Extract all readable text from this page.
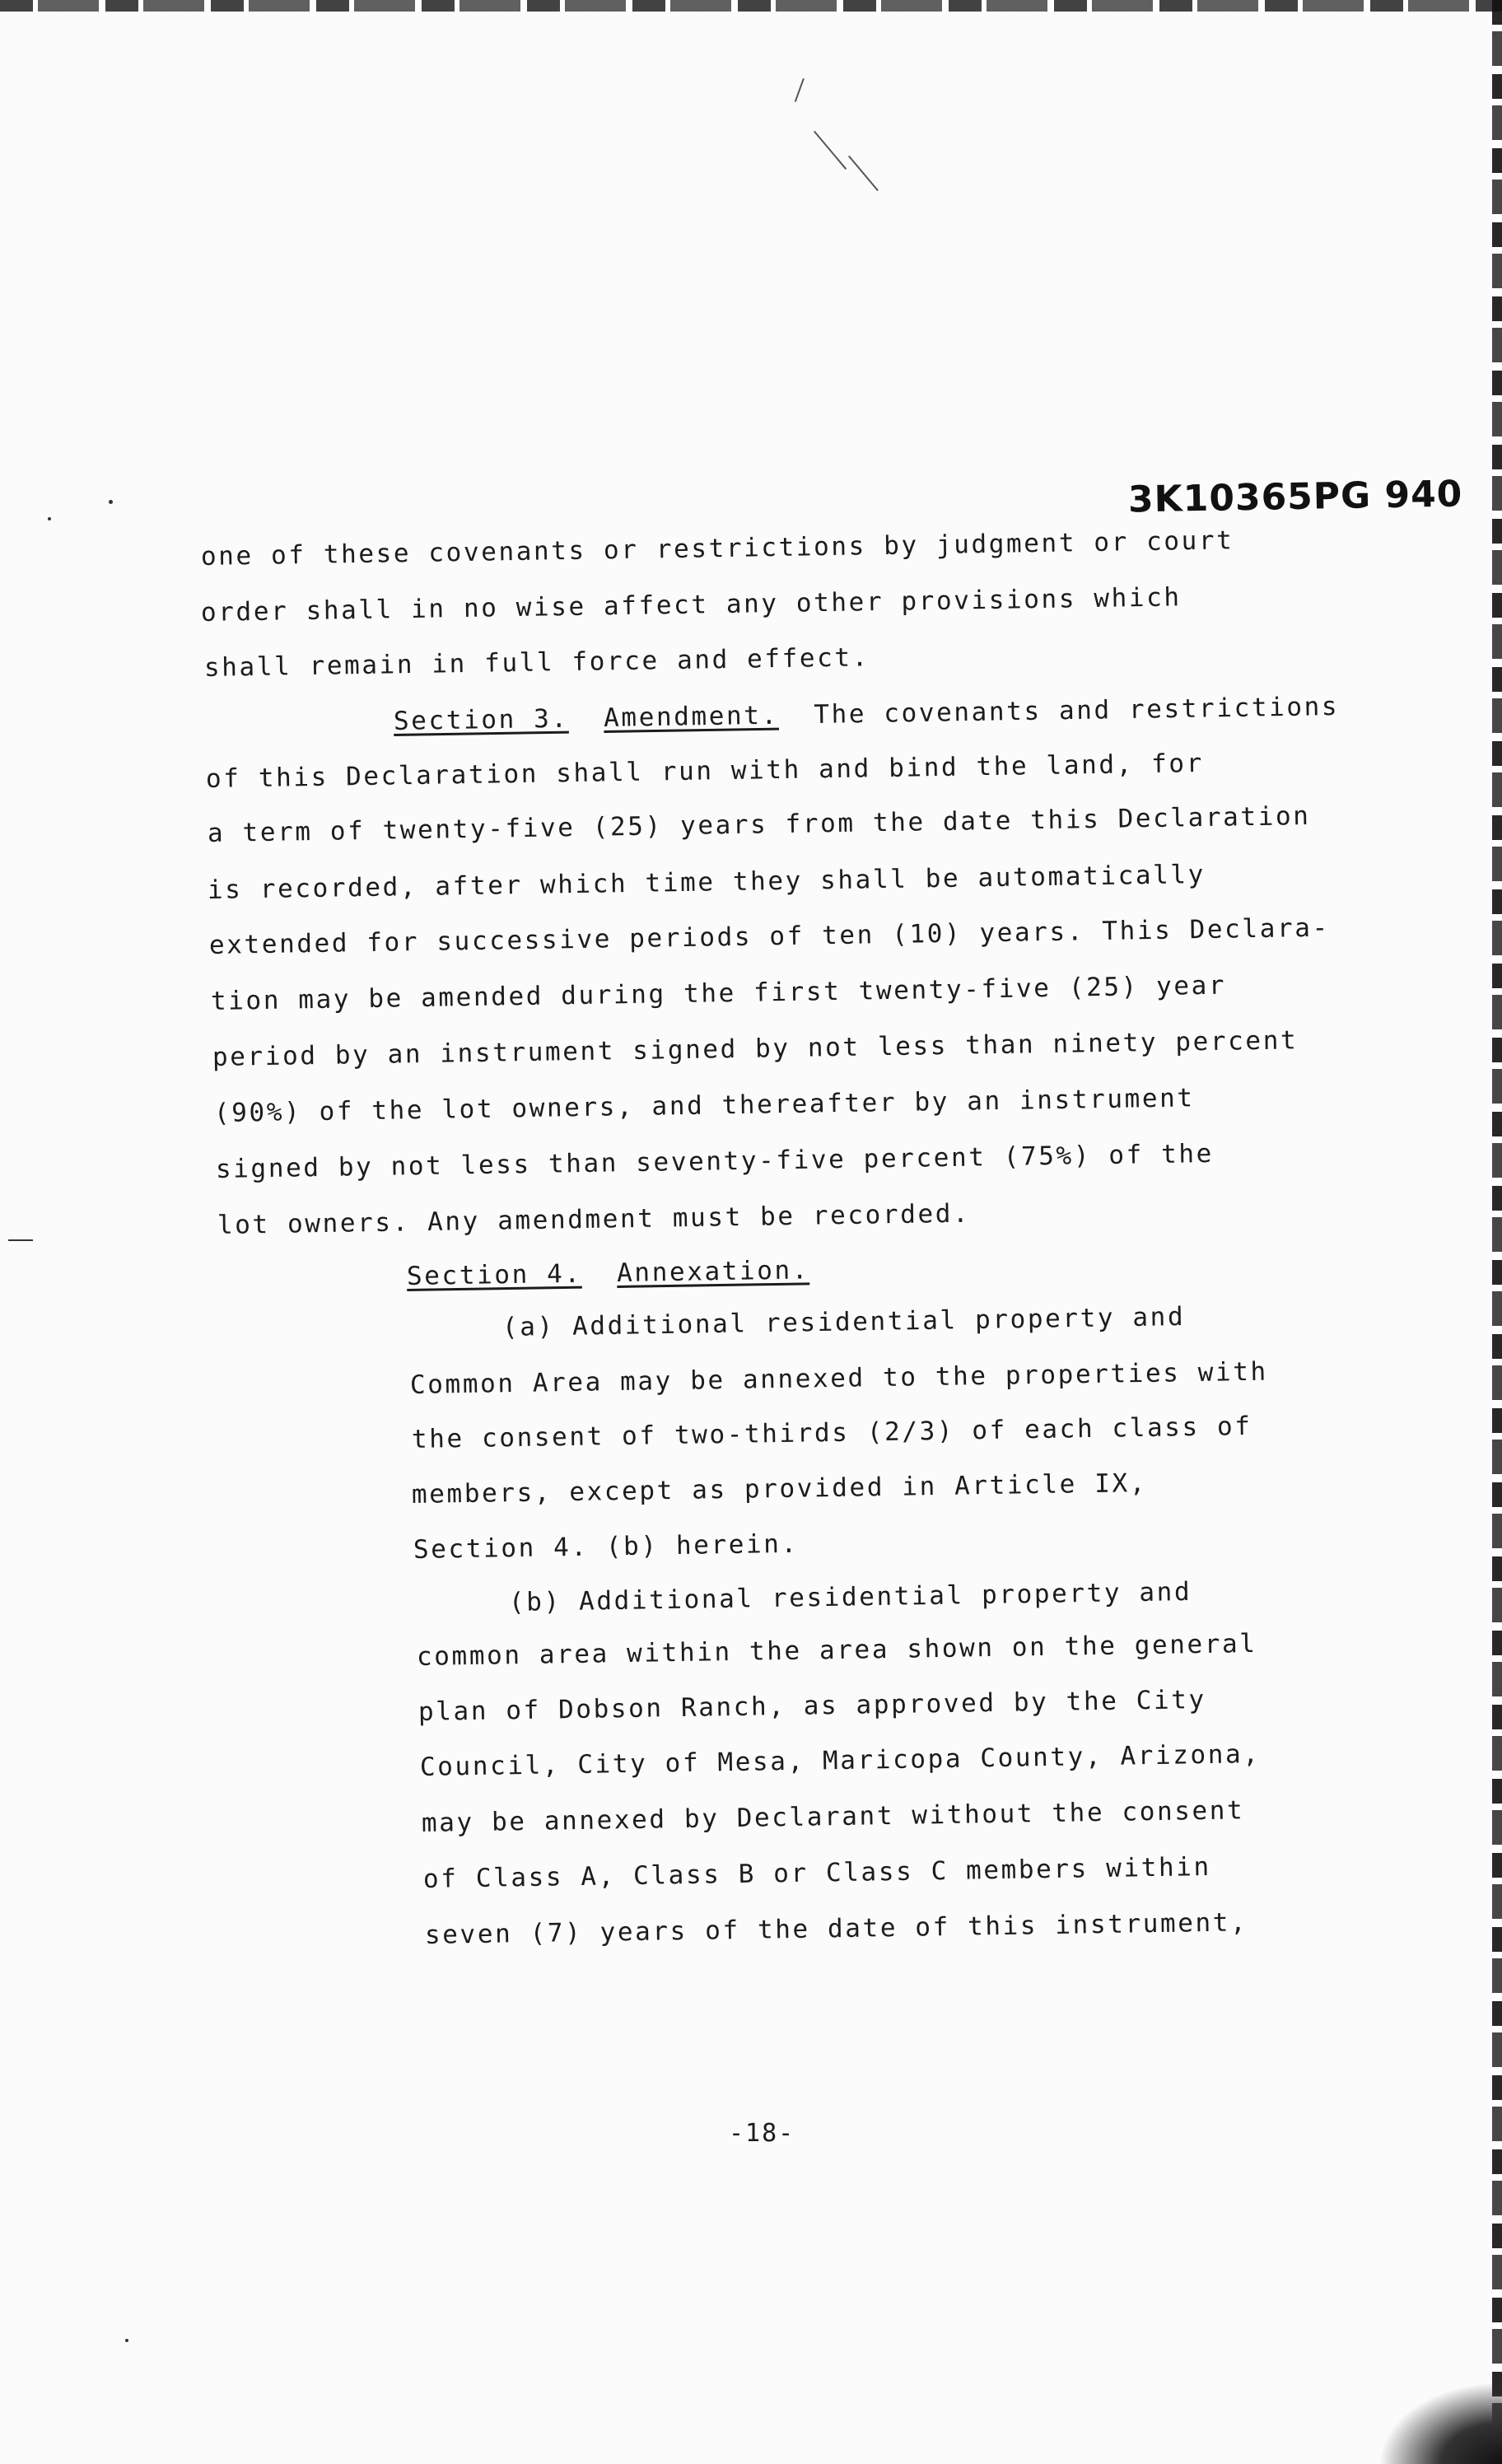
3K10365PG 940
one of these covenants or restrictions by judgment or court
order shall in no wise affect any other provisions which
shall remain in full force and effect.
Section 3. Amendment. The covenants and restrictions
of this Declaration shall run with and bind the land, for
a term of twenty-five (25) years from the date this Declaration
is recorded, after which time they shall be automatically
extended for successive periods of ten (10) years. This Declara-
tion may be amended during the first twenty-five (25) year
period by an instrument signed by not less than ninety percent
(90%) of the lot owners, and thereafter by an instrument
signed by not less than seventy-five percent (75%) of the
lot owners. Any amendment must be recorded.
Section 4. Annexation.
(a) Additional residential property and
Common Area may be annexed to the properties with
the consent of two-thirds (2/3) of each class of
members, except as provided in Article IX,
Section 4. (b) herein.
(b) Additional residential property and
common area within the area shown on the general
plan of Dobson Ranch, as approved by the City
Council, City of Mesa, Maricopa County, Arizona,
may be annexed by Declarant without the consent
of Class A, Class B or Class C members within
seven (7) years of the date of this instrument,
-18-
